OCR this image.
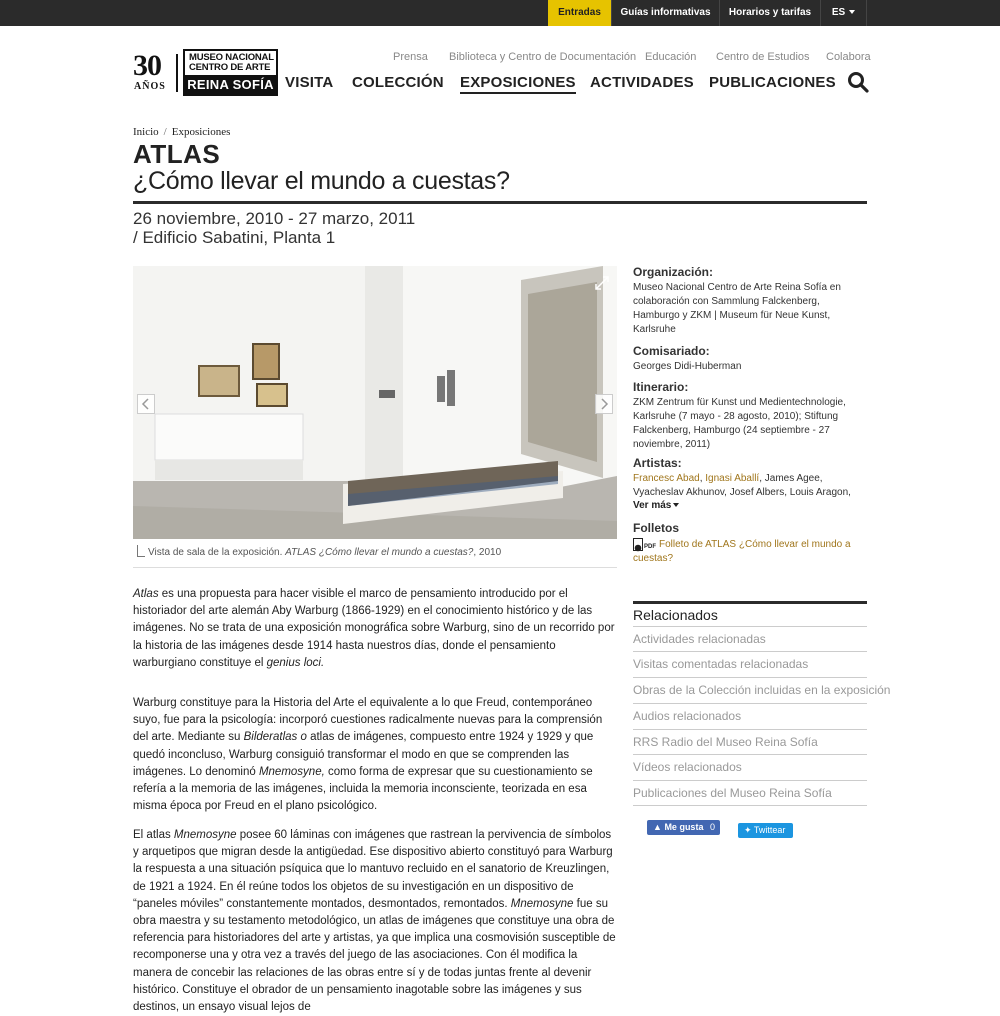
Entradas	Guías informativas	Horarios y tarifas	ES
30
AÑOS
MUSEO NACIONAL
CENTRO DE ARTE
REINA SOFÍA
Prensa Biblioteca y Centro de Documentación Educación Centro de Estudios Colabora
VISITA COLECCIÓN EXPOSICIONES ACTIVIDADES PUBLICACIONES
Inicio / Exposiciones
ATLAS
¿Cómo llevar el mundo a cuestas?
26 noviembre, 2010 - 27 marzo, 2011
/ Edificio Sabatini, Planta 1
Vista de sala de la exposición. ATLAS ¿Cómo llevar el mundo a cuestas?, 2010
Atlas es una propuesta para hacer visible el marco de pensamiento introducido por el historiador del arte alemán Aby Warburg (1866-1929) en el conocimiento histórico y de las imágenes. No se trata de una exposición monográfica sobre Warburg, sino de un recorrido por la historia de las imágenes desde 1914 hasta nuestros días, donde el pensamiento warburgiano constituye el genius loci.
Warburg constituye para la Historia del Arte el equivalente a lo que Freud, contemporáneo suyo, fue para la psicología: incorporó cuestiones radicalmente nuevas para la comprensión del arte. Mediante su Bilderatlas o atlas de imágenes, compuesto entre 1924 y 1929 y que quedó inconcluso, Warburg consiguió transformar el modo en que se comprenden las imágenes. Lo denominó Mnemosyne, como forma de expresar que su cuestionamiento se refería a la memoria de las imágenes, incluida la memoria inconsciente, teorizada en esa misma época por Freud en el plano psicológico.
El atlas Mnemosyne posee 60 láminas con imágenes que rastrean la pervivencia de símbolos y arquetipos que migran desde la antigüedad. Ese dispositivo abierto constituyó para Warburg la respuesta a una situación psíquica que lo mantuvo recluido en el sanatorio de Kreuzlingen, de 1921 a 1924. En él reúne todos los objetos de su investigación en un dispositivo de “paneles móviles” constantemente montados, desmontados, remontados. Mnemosyne fue su obra maestra y su testamento metodológico, un atlas de imágenes que constituye una obra de referencia para historiadores del arte y artistas, ya que implica una cosmovisión susceptible de recomponerse una y otra vez a través del juego de las asociaciones. Con él modifica la manera de concebir las relaciones de las obras entre sí y de todas juntas frente al devenir histórico. Constituye el obrador de un pensamiento inagotable sobre las imágenes y sus destinos, un ensayo visual lejos de
Organización:
Museo Nacional Centro de Arte Reina Sofía en colaboración con Sammlung Falckenberg, Hamburgo y ZKM | Museum für Neue Kunst, Karlsruhe
Comisariado:
Georges Didi-Huberman
Itinerario:
ZKM Zentrum für Kunst und Medientechnologie, Karlsruhe (7 mayo - 28 agosto, 2010); Stiftung Falckenberg, Hamburgo (24 septiembre - 27 noviembre, 2011)
Artistas:
Francesc Abad, Ignasi Aballí, James Agee, Vyacheslav Akhunov, Josef Albers, Louis Aragon,
Ver más
Folletos
Folleto de ATLAS ¿Cómo llevar el mundo a cuestas?
PDF
Relacionados
Actividades relacionadas
Visitas comentadas relacionadas
Obras de la Colección incluidas en la exposición
Audios relacionados
RRS Radio del Museo Reina Sofía
Vídeos relacionados
Publicaciones del Museo Reina Sofía
▲ Me gusta 0	✦ Twittear
